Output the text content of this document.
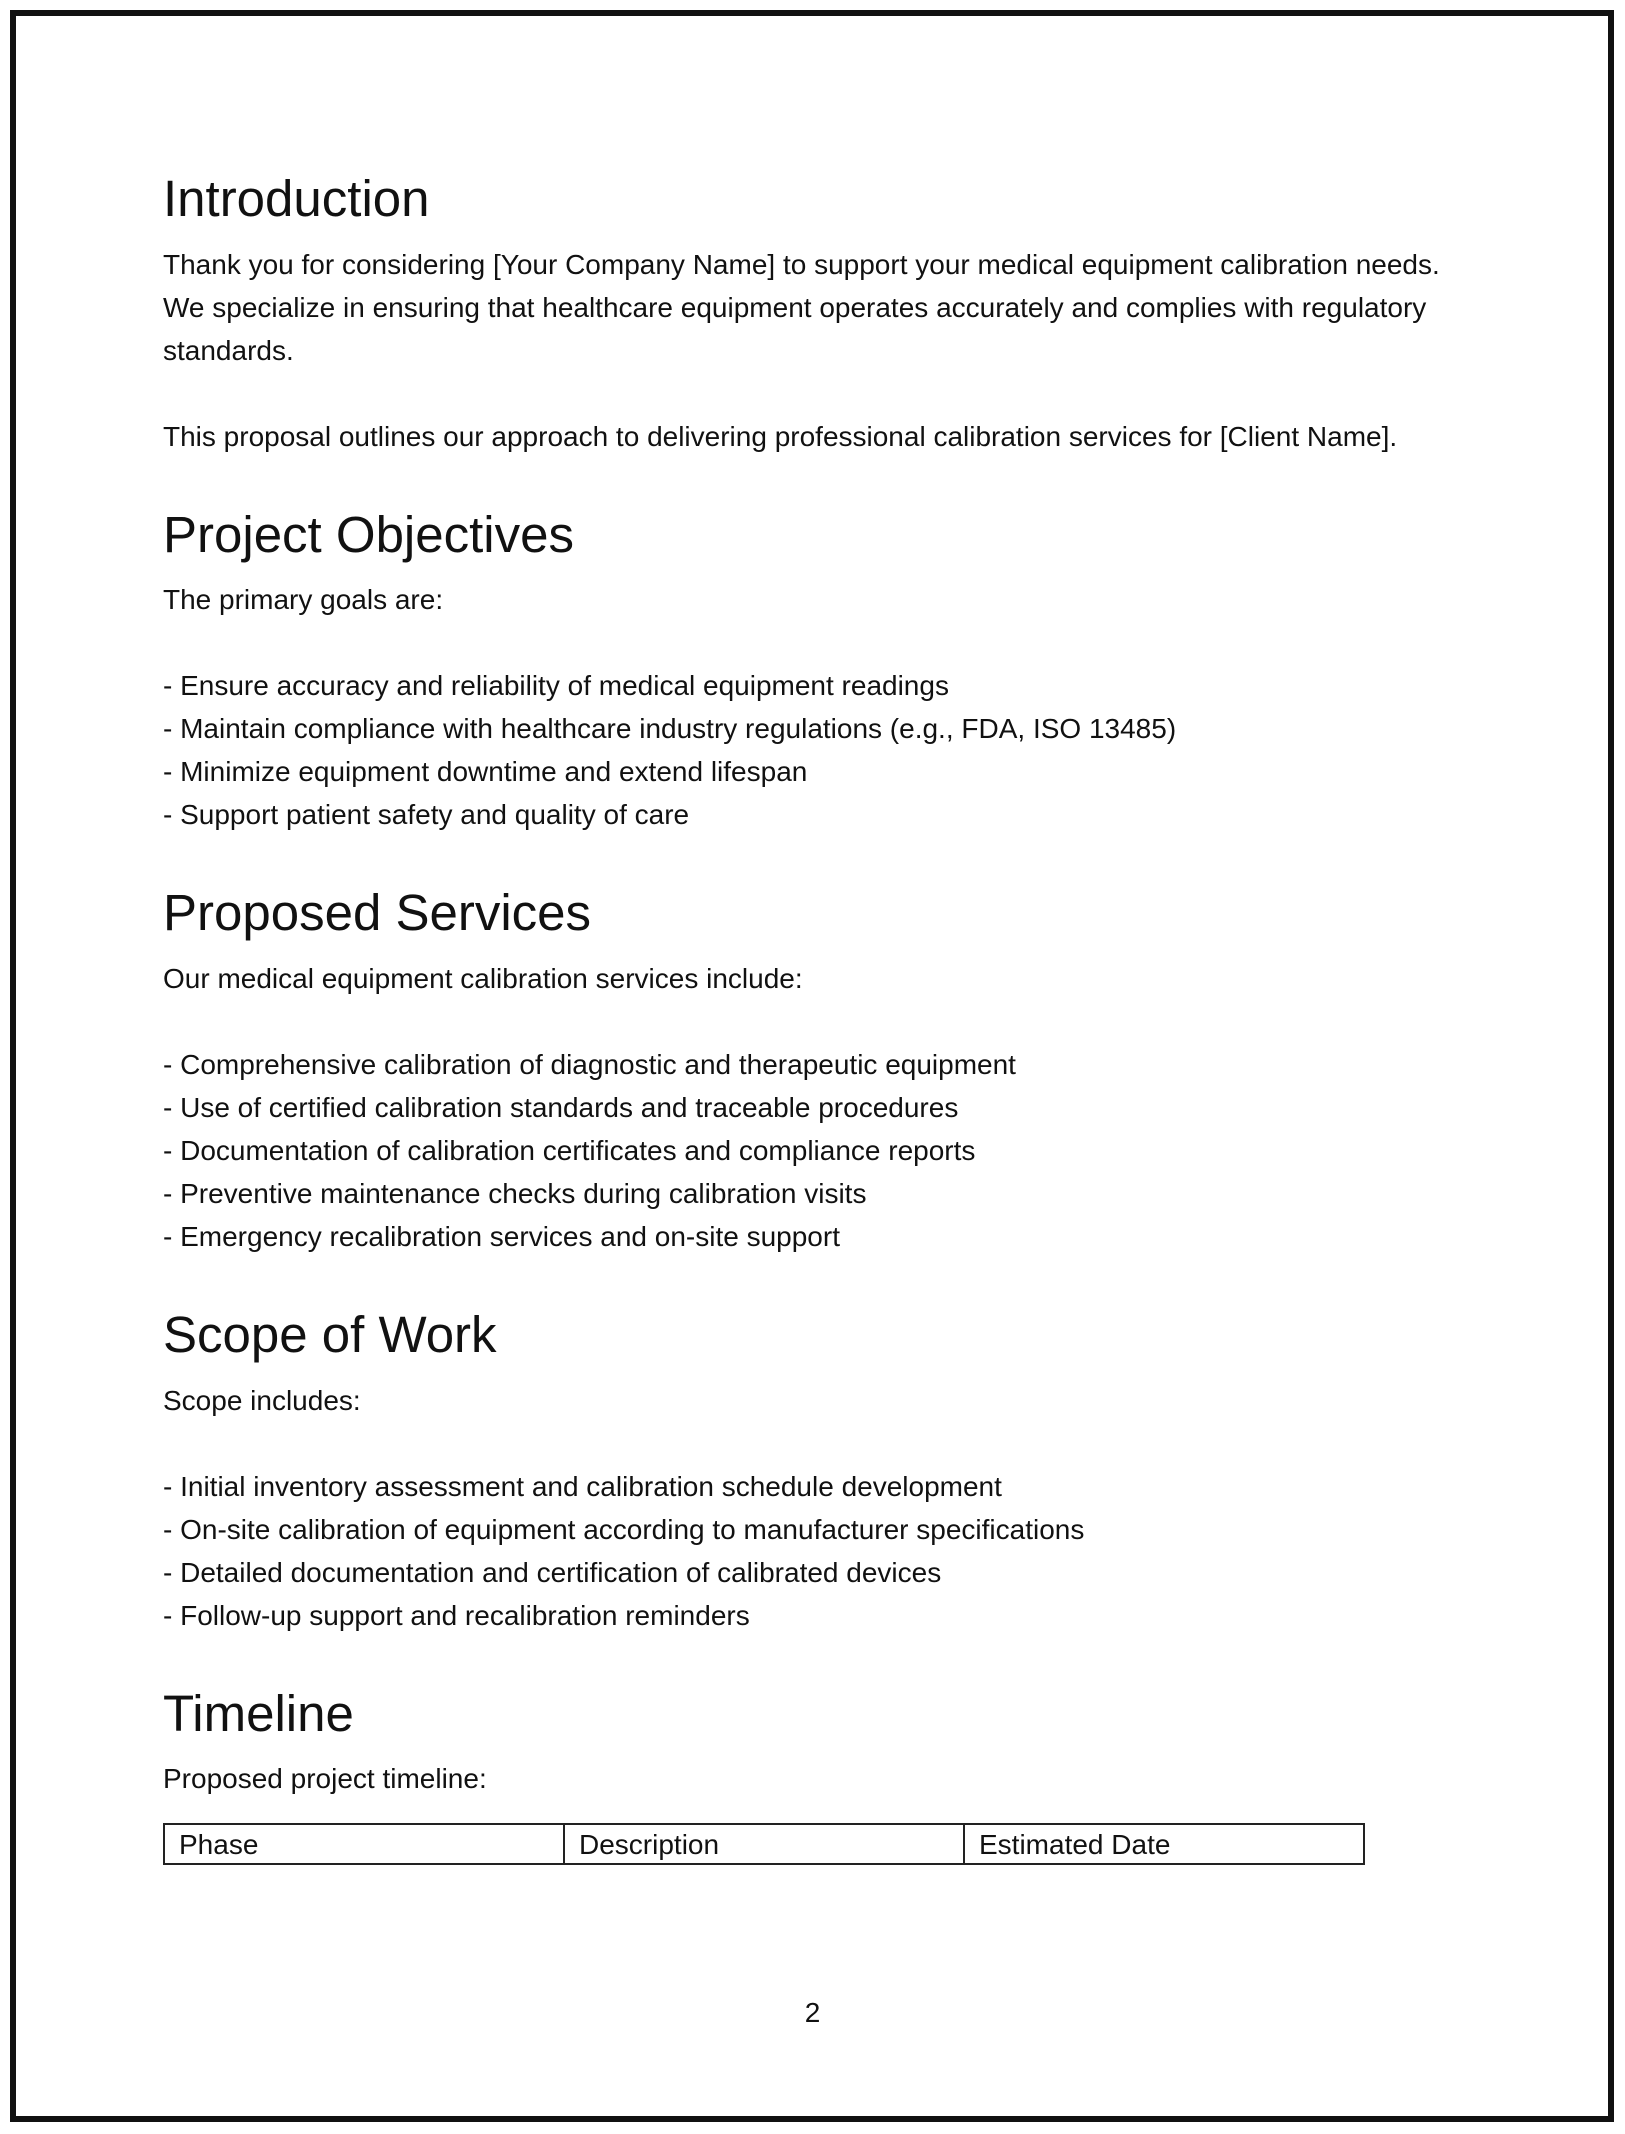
Introduction

Thank you for considering [Your Company Name] to support your medical equipment calibration needs.

We specialize in ensuring that healthcare equipment operates accurately and complies with regulatory

standards.

This proposal outlines our approach to delivering professional calibration services for [Client Name].

Project Objectives

The primary goals are:

- Ensure accuracy and reliability of medical equipment readings
- Maintain compliance with healthcare industry regulations (e.g., FDA, ISO 13485)
- Minimize equipment downtime and extend lifespan
- Support patient safety and quality of care
Proposed Services

Our medical equipment calibration services include:

- Comprehensive calibration of diagnostic and therapeutic equipment
- Use of certified calibration standards and traceable procedures
- Documentation of calibration certificates and compliance reports
- Preventive maintenance checks during calibration visits
- Emergency recalibration services and on-site support
Scope of Work

Scope includes:

- Initial inventory assessment and calibration schedule development
- On-site calibration of equipment according to manufacturer specifications
- Detailed documentation and certification of calibrated devices
- Follow-up support and recalibration reminders
Timeline

Proposed project timeline:

Phase	Description	Estimated Date
2
